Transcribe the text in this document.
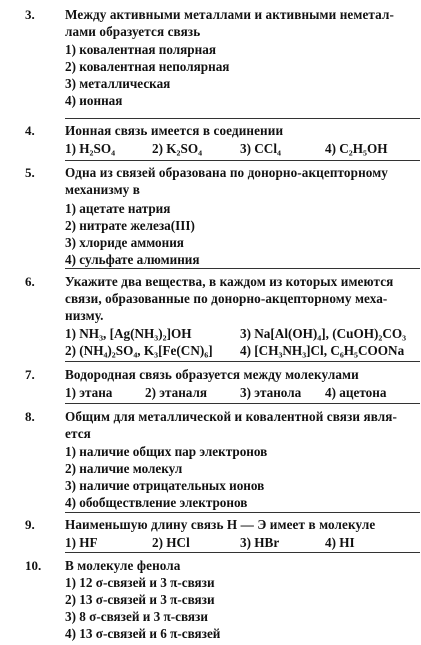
3. Между активными металлами и активными неметал-
лами образуется связь
1) ковалентная полярная
2) ковалентная неполярная
3) металлическая
4) ионная
4. Ионная связь имеется в соединении
1) H₂SO₄	2) K₂SO₄	3) CCl₄	4) C₂H₅OH
5. Одна из связей образована по донорно-акцепторному
механизму в
1) ацетате натрия
2) нитрате железа(III)
3) хлориде аммония
4) сульфате алюминия
6. Укажите два вещества, в каждом из которых имеются
связи, образованные по донорно-акцепторному меха-
низму.
1) NH₃, [Ag(NH₃)₂]OH	3) Na[Al(OH)₄], (CuOH)₂CO₃
2) (NH₄)₂SO₄, K₃[Fe(CN)₆] 4) [CH₃NH₃]Cl, C₆H₅COONa
7. Водородная связь образуется между молекулами
1) этана 2) этаналя 3) этанола 4) ацетона
8. Общим для металлической и ковалентной связи явля-
ется
1) наличие общих пар электронов
2) наличие молекул
3) наличие отрицательных ионов
4) обобществление электронов
9. Наименьшую длину связь Н — Э имеет в молекуле
1) HF	2) HCl	3) HBr	4) HI
10. В молекуле фенола
1) 12 σ-связей и 3 π-связи
2) 13 σ-связей и 3 π-связи
3) 8 σ-связей и 3 π-связи
4) 13 σ-связей и 6 π-связей
